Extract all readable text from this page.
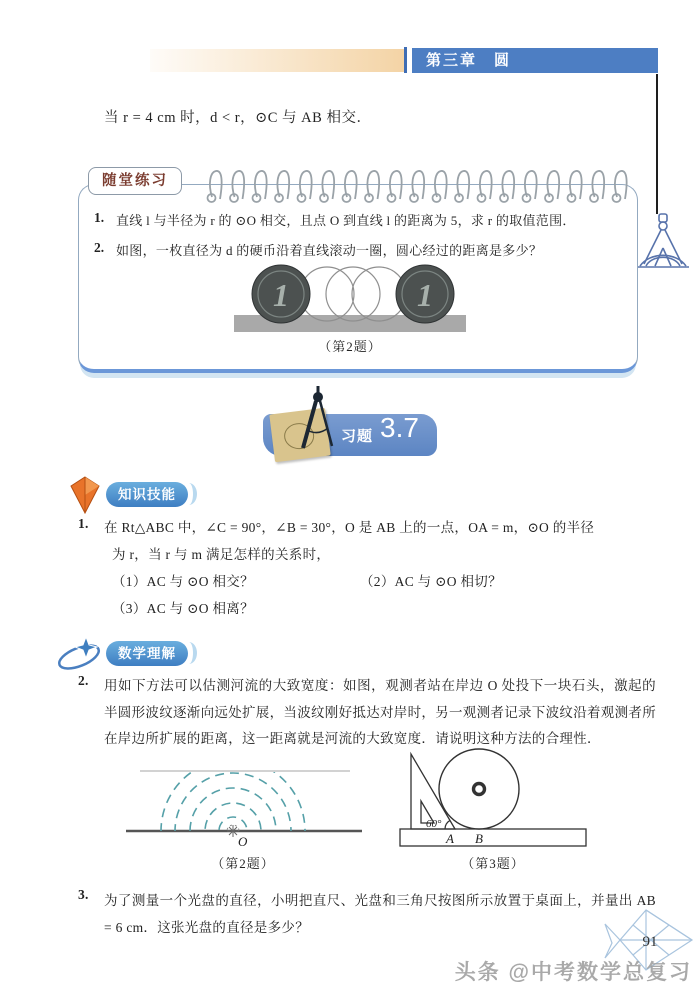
第三章　圆
当 r = 4 cm 时，d < r，⊙C 与 AB 相交．
随堂练习
1. 直线 l 与半径为 r 的 ⊙O 相交，且点 O 到直线 l 的距离为 5，求 r 的取值范围．
2. 如图，一枚直径为 d 的硬币沿着直线滚动一圈，圆心经过的距离是多少？
1	1
（第2题）
习题 3.7
知识技能
1. 在 Rt△ABC 中，∠C = 90°，∠B = 30°，O 是 AB 上的一点，OA = m，⊙O 的半径
为 r，当 r 与 m 满足怎样的关系时，
（1）AC 与 ⊙O 相交？	（2）AC 与 ⊙O 相切？
（3）AC 与 ⊙O 相离？
数学理解
2. 用如下方法可以估测河流的大致宽度：如图，观测者站在岸边 O 处投下一块石头，激起的半圆形波纹逐渐向远处扩展，当波纹刚好抵达对岸时，另一观测者记录下波纹沿着观测者所在岸边所扩展的距离，这一距离就是河流的大致宽度．请说明这种方法的合理性．
O
（第2题）
60°
A B
（第3题）
3. 为了测量一个光盘的直径，小明把直尺、光盘和三角尺按图所示放置于桌面上，并量出 AB = 6 cm．这张光盘的直径是多少？
91
头条 @中考数学总复习
